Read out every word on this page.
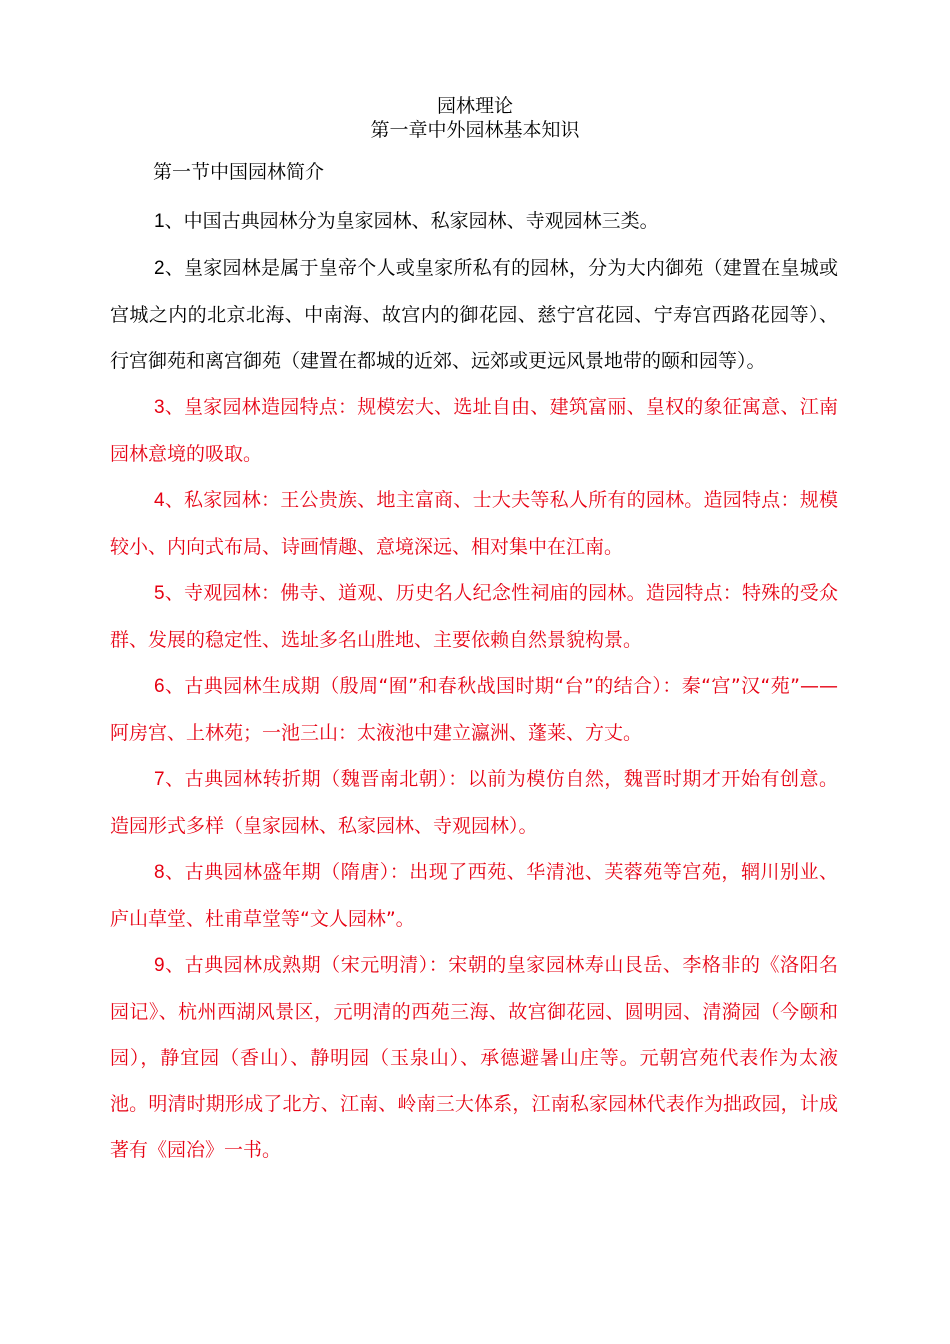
园林理论
第一章中外园林基本知识
第一节中国园林简介

1、中国古典园林分为皇家园林、私家园林、寺观园林三类。

2、皇家园林是属于皇帝个人或皇家所私有的园林，分为大内御苑（建置在皇城或宫城之内的北京北海、中南海、故宫内的御花园、慈宁宫花园、宁寿宫西路花园等）、行宫御苑和离宫御苑（建置在都城的近郊、远郊或更远风景地带的颐和园等）。

3、皇家园林造园特点：规模宏大、选址自由、建筑富丽、皇权的象征寓意、江南园林意境的吸取。

4、私家园林：王公贵族、地主富商、士大夫等私人所有的园林。造园特点：规模较小、内向式布局、诗画情趣、意境深远、相对集中在江南。

5、寺观园林：佛寺、道观、历史名人纪念性祠庙的园林。造园特点：特殊的受众群、发展的稳定性、选址多名山胜地、主要依赖自然景貌构景。

6、古典园林生成期（殷周“囿”和春秋战国时期“台”的结合）：秦“宫”汉“苑”——阿房宫、上林苑；一池三山：太液池中建立瀛洲、蓬莱、方丈。

7、古典园林转折期（魏晋南北朝）：以前为模仿自然，魏晋时期才开始有创意。造园形式多样（皇家园林、私家园林、寺观园林）。

8、古典园林盛年期（隋唐）：出现了西苑、华清池、芙蓉苑等宫苑，辋川别业、庐山草堂、杜甫草堂等“文人园林”。

9、古典园林成熟期（宋元明清）：宋朝的皇家园林寿山艮岳、李格非的《洛阳名园记》、杭州西湖风景区，元明清的西苑三海、故宫御花园、圆明园、清漪园（今颐和园），静宜园（香山）、静明园（玉泉山）、承德避暑山庄等。元朝宫苑代表作为太液池。明清时期形成了北方、江南、岭南三大体系，江南私家园林代表作为拙政园，计成著有《园冶》一书。
